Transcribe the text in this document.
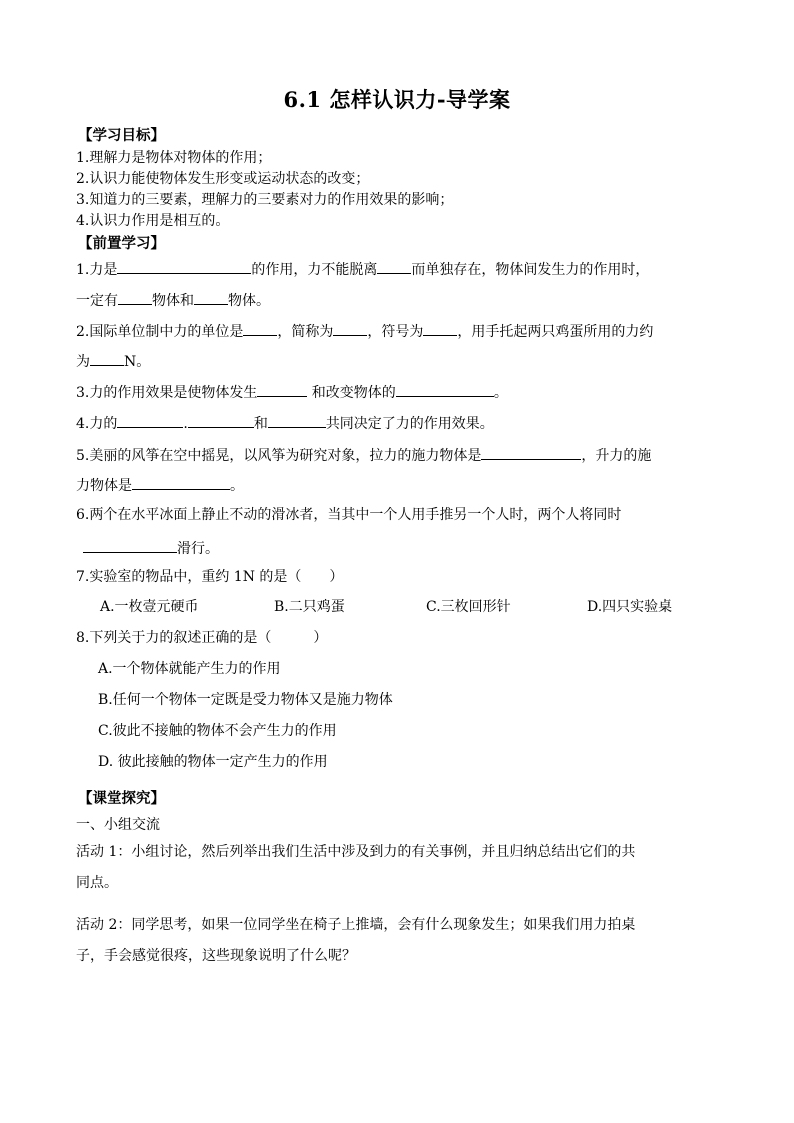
6.1 怎样认识力-导学案
【学习目标】
1.理解力是物体对物体的作用；
2.认识力能使物体发生形变或运动状态的改变；
3.知道力的三要素，理解力的三要素对力的作用效果的影响；
4.认识力作用是相互的。
【前置学习】
1.力是	的作用，力不能脱离 而单独存在，物体间发生力的作用时，
一定有 物体和 物体。
2.国际单位制中力的单位是 ，简称为 ，符号为 ，用手托起两只鸡蛋所用的力约
为 N。
3.力的作用效果是使物体发生	和改变物体的	。
4.力的	.	和	共同决定了力的作用效果。
5.美丽的风筝在空中摇晃，以风筝为研究对象，拉力的施力物体是	，升力的施
力物体是	。
6.两个在水平冰面上静止不动的滑冰者，当其中一个人用手推另一个人时，两个人将同时
滑行。
7.实验室的物品中，重约 1N 的是（　　）
A.一枚壹元硬币	B.二只鸡蛋	C.三枚回形针	D.四只实验桌
8.下列关于力的叙述正确的是（　　　）
A.一个物体就能产生力的作用
B.任何一个物体一定既是受力物体又是施力物体
C.彼此不接触的物体不会产生力的作用
D. 彼此接触的物体一定产生力的作用
【课堂探究】
一、小组交流
活动 1：小组讨论，然后列举出我们生活中涉及到力的有关事例，并且归纳总结出它们的共
同点。
活动 2：同学思考，如果一位同学坐在椅子上推墙，会有什么现象发生；如果我们用力拍桌
子，手会感觉很疼，这些现象说明了什么呢？
